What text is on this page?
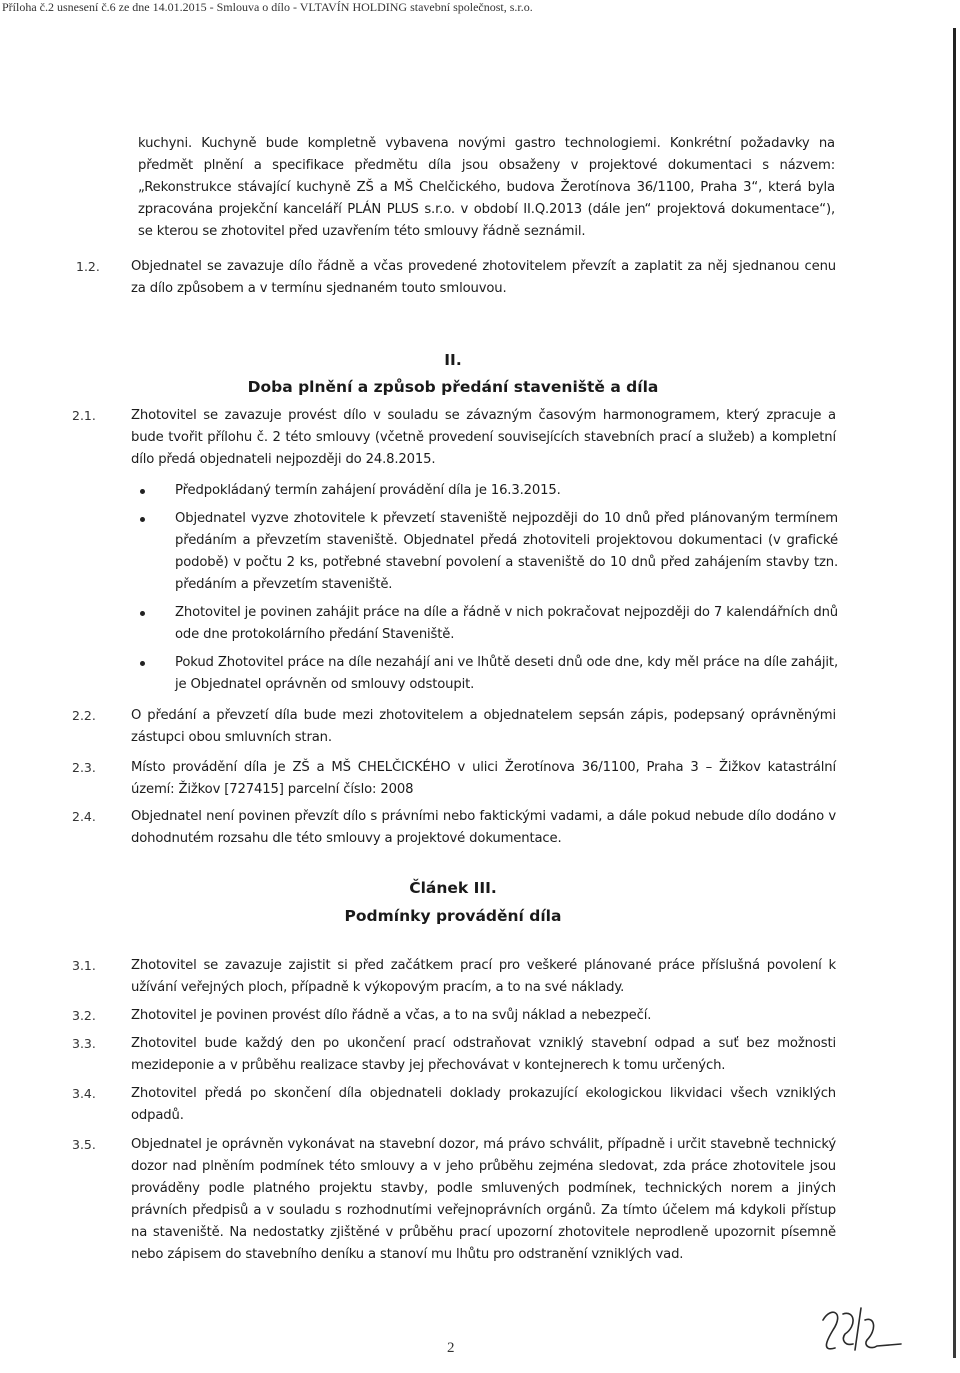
Příloha č.2 usnesení č.6 ze dne 14.01.2015 - Smlouva o dílo - VLTAVÍN HOLDING stavební společnost, s.r.o.
kuchyni. Kuchyně bude kompletně vybavena novými gastro technologiemi. Konkrétní požadavky na předmět plnění a specifikace předmětu díla jsou obsaženy v projektové dokumentaci s názvem: „Rekonstrukce stávající kuchyně ZŠ a MŠ Chelčického, budova Žerotínova 36/1100, Praha 3“, která byla zpracována projekční kanceláří PLÁN PLUS s.r.o. v období II.Q.2013 (dále jen“ projektová dokumentace“), se kterou se zhotovitel před uzavřením této smlouvy řádně seznámil.
1.2. Objednatel se zavazuje dílo řádně a včas provedené zhotovitelem převzít a zaplatit za něj sjednanou cenu za dílo způsobem a v termínu sjednaném touto smlouvou.
II.
Doba plnění a způsob předání staveniště a díla
2.1.	Zhotovitel se zavazuje provést dílo v souladu se závazným časovým harmonogramem, který zpracuje a bude tvořit přílohu č. 2 této smlouvy (včetně provedení souvisejících stavebních prací a služeb) a kompletní dílo předá objednateli nejpozději do 24.8.2015.
Předpokládaný termín zahájení provádění díla je 16.3.2015.
Objednatel vyzve zhotovitele k převzetí staveniště nejpozději do 10 dnů před plánovaným termínem předáním a převzetím staveniště. Objednatel předá zhotoviteli projektovou dokumentaci (v grafické podobě) v počtu 2 ks, potřebné stavební povolení a staveniště do 10 dnů před zahájením stavby tzn. předáním a převzetím staveniště.
Zhotovitel je povinen zahájit práce na díle a řádně v nich pokračovat nejpozději do 7 kalendářních dnů ode dne protokolárního předání Staveniště.
Pokud Zhotovitel práce na díle nezahájí ani ve lhůtě deseti dnů ode dne, kdy měl práce na díle zahájit, je Objednatel oprávněn od smlouvy odstoupit.
2.2.	O předání a převzetí díla bude mezi zhotovitelem a objednatelem sepsán zápis, podepsaný oprávněnými zástupci obou smluvních stran.
2.3.	Místo provádění díla je ZŠ a MŠ CHELČICKÉHO v ulici Žerotínova 36/1100, Praha 3 – Žižkov katastrální území: Žižkov [727415] parcelní číslo: 2008
2.4.	Objednatel není povinen převzít dílo s právními nebo faktickými vadami, a dále pokud nebude dílo dodáno v dohodnutém rozsahu dle této smlouvy a projektové dokumentace.
Článek III.
Podmínky provádění díla
3.1.	Zhotovitel se zavazuje zajistit si před začátkem prací pro veškeré plánované práce příslušná povolení k užívání veřejných ploch, případně k výkopovým pracím, a to na své náklady.
3.2.	Zhotovitel je povinen provést dílo řádně a včas, a to na svůj náklad a nebezpečí.
3.3.	Zhotovitel bude každý den po ukončení prací odstraňovat vzniklý stavební odpad a suť bez možnosti mezideponie a v průběhu realizace stavby jej přechovávat v kontejnerech k tomu určených.
3.4.	Zhotovitel předá po skončení díla objednateli doklady prokazující ekologickou likvidaci všech vzniklých odpadů.
3.5.	Objednatel je oprávněn vykonávat na stavební dozor, má právo schválit, případně i určit stavebně technický dozor nad plněním podmínek této smlouvy a v jeho průběhu zejména sledovat, zda práce zhotovitele jsou prováděny podle platného projektu stavby, podle smluvených podmínek, technických norem a jiných právních předpisů a v souladu s rozhodnutími veřejnoprávních orgánů. Za tímto účelem má kdykoli přístup na staveniště. Na nedostatky zjištěné v průběhu prací upozorní zhotovitele neprodleně upozornit písemně nebo zápisem do stavebního deníku a stanoví mu lhůtu pro odstranění vzniklých vad.
2
